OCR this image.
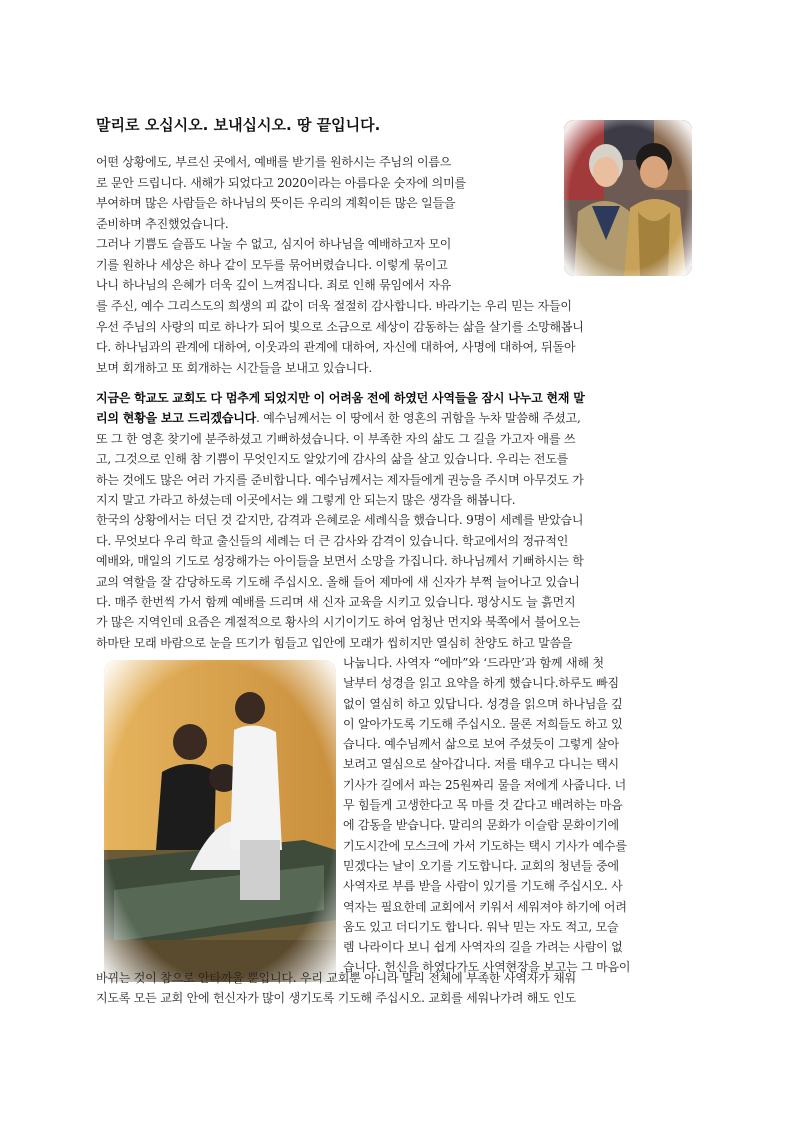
말리로 오십시오. 보내십시오. 땅 끝입니다.

어떤 상황에도, 부르신 곳에서, 예배를 받기를 원하시는 주님의 이름으
로 문안 드립니다. 새해가 되었다고 2020이라는 아름다운 숫자에 의미를
부여하며 많은 사람들은 하나님의 뜻이든 우리의 계획이든 많은 일들을
준비하며 추진했었습니다.
그러나 기쁨도 슬픔도 나눌 수 없고, 심지어 하나님을 예배하고자 모이
기를 원하나 세상은 하나 같이 모두를 묶어버렸습니다. 이렇게 묶이고
나니 하나님의 은혜가 더욱 깊이 느껴집니다. 죄로 인해 묶임에서 자유

를 주신, 예수 그리스도의 희생의 피 값이 더욱 절절히 감사합니다. 바라기는 우리 믿는 자들이
우선 주님의 사랑의 띠로 하나가 되어 빛으로 소금으로 세상이 감동하는 삶을 살기를 소망해봅니
다. 하나님과의 관계에 대하여, 이웃과의 관계에 대하여, 자신에 대하여, 사명에 대하여, 뒤돌아
보며 회개하고 또 회개하는 시간들을 보내고 있습니다.

지금은 학교도 교회도 다 멈추게 되었지만 이 어려움 전에 하였던 사역들을 잠시 나누고 현재 말
리의 현황을 보고 드리겠습니다. 예수님께서는 이 땅에서 한 영혼의 귀함을 누차 말씀해 주셨고,
또 그 한 영혼 찾기에 분주하셨고 기뻐하셨습니다. 이 부족한 자의 삶도 그 길을 가고자 애를 쓰
고, 그것으로 인해 참 기쁨이 무엇인지도 알았기에 감사의 삶을 살고 있습니다. 우리는 전도를
하는 것에도 많은 여러 가지를 준비합니다. 예수님께서는 제자들에게 권능을 주시며 아무것도 가
지지 말고 가라고 하셨는데 이곳에서는 왜 그렇게 안 되는지 많은 생각을 해봅니다.
한국의 상황에서는 더딘 것 같지만, 감격과 은혜로운 세례식을 했습니다. 9명이 세례를 받았습니
다. 무엇보다 우리 학교 출신들의 세례는 더 큰 감사와 감격이 있습니다. 학교에서의 정규적인
예배와, 매일의 기도로 성장해가는 아이들을 보면서 소망을 가집니다. 하나님께서 기뻐하시는 학
교의 역할을 잘 감당하도록 기도해 주십시오. 올해 들어 제마에 새 신자가 부쩍 늘어나고 있습니
다. 매주 한번씩 가서 함께 예배를 드리며 새 신자 교육을 시키고 있습니다. 평상시도 늘 흙먼지
가 많은 지역인데 요즘은 계절적으로 황사의 시기이기도 하여 엄청난 먼지와 북쪽에서 불어오는
하마탄 모래 바람으로 눈을 뜨기가 힘들고 입안에 모래가 씹히지만 열심히 찬양도 하고 말씀을

나눕니다. 사역자 “에마”와 ‘드라만’과 함께 새해 첫
날부터 성경을 읽고 요약을 하게 했습니다.하루도 빠짐
없이 열심히 하고 있답니다. 성경을 읽으며 하나님을 깊
이 알아가도록 기도해 주십시오. 물론 저희들도 하고 있
습니다. 예수님께서 삶으로 보여 주셨듯이 그렇게 살아
보려고 열심으로 살아갑니다. 저를 태우고 다니는 택시
기사가 길에서 파는 25원짜리 물을 저에게 사줍니다. 너
무 힘들게 고생한다고 목 마를 것 같다고 배려하는 마음
에 감동을 받습니다. 말리의 문화가 이슬람 문화이기에
기도시간에 모스크에 가서 기도하는 택시 기사가 예수를
믿겠다는 날이 오기를 기도합니다. 교회의 청년들 중에
사역자로 부름 받을 사람이 있기를 기도해 주십시오. 사
역자는 필요한데 교회에서 키워서 세워져야 하기에 어려
움도 있고 더디기도 합니다. 워낙 믿는 자도 적고, 모슬
렘 나라이다 보니 쉽게 사역자의 길을 가려는 사람이 없
습니다. 헌신을 하였다가도 사역현장을 보고는 그 마음이

바뀌는 것이 참으로 안타까울 뿐입니다. 우리 교회뿐 아니라 말리 전체에 부족한 사역자가 채워
지도록 모든 교회 안에 헌신자가 많이 생기도록 기도해 주십시오. 교회를 세워나가려 해도 인도
